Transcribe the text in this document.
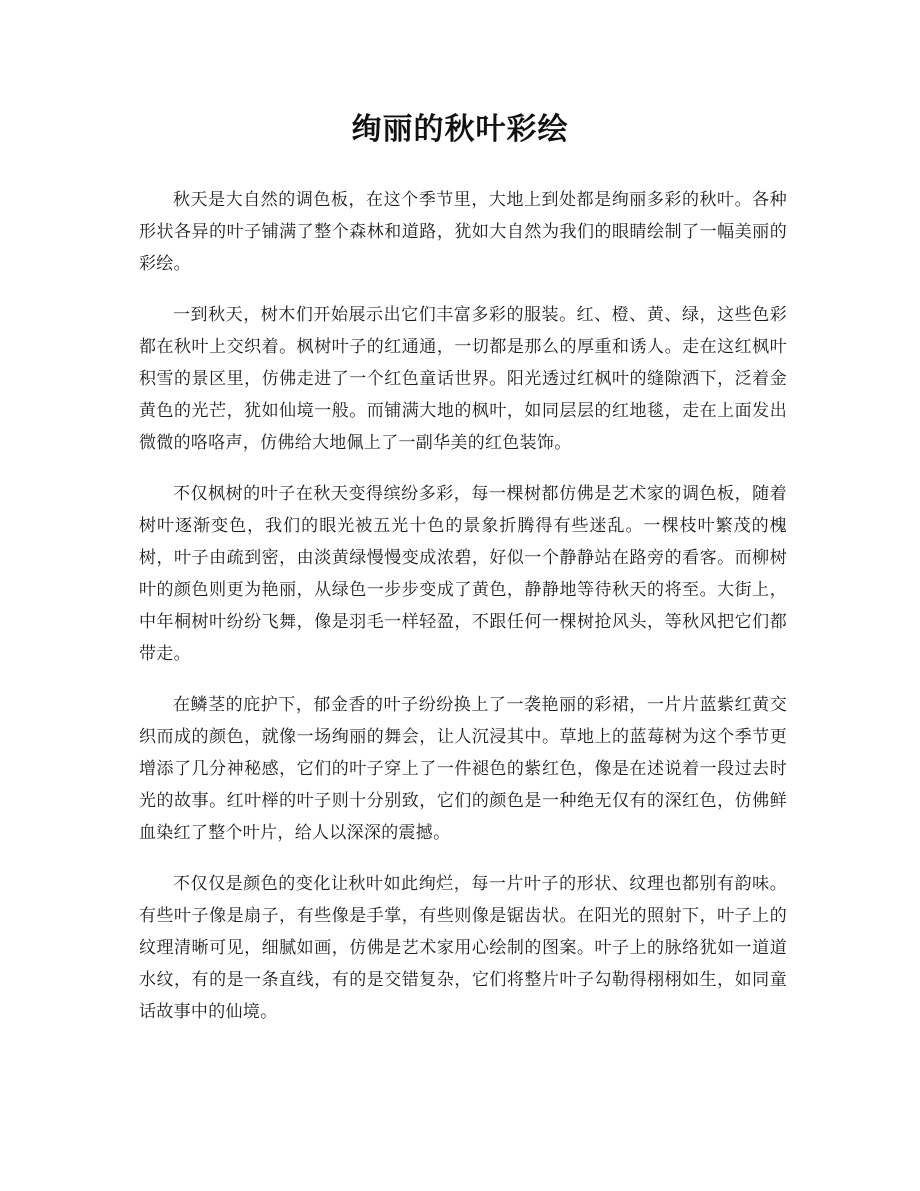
绚丽的秋叶彩绘

秋天是大自然的调色板，在这个季节里，大地上到处都是绚丽多彩的秋叶。各种形状各异的叶子铺满了整个森林和道路，犹如大自然为我们的眼睛绘制了一幅美丽的彩绘。

一到秋天，树木们开始展示出它们丰富多彩的服装。红、橙、黄、绿，这些色彩都在秋叶上交织着。枫树叶子的红通通，一切都是那么的厚重和诱人。走在这红枫叶积雪的景区里，仿佛走进了一个红色童话世界。阳光透过红枫叶的缝隙洒下，泛着金黄色的光芒，犹如仙境一般。而铺满大地的枫叶，如同层层的红地毯，走在上面发出微微的咯咯声，仿佛给大地佩上了一副华美的红色装饰。

不仅枫树的叶子在秋天变得缤纷多彩，每一棵树都仿佛是艺术家的调色板，随着树叶逐渐变色，我们的眼光被五光十色的景象折腾得有些迷乱。一棵枝叶繁茂的槐树，叶子由疏到密，由淡黄绿慢慢变成浓碧，好似一个静静站在路旁的看客。而柳树叶的颜色则更为艳丽，从绿色一步步变成了黄色，静静地等待秋天的将至。大街上，中年桐树叶纷纷飞舞，像是羽毛一样轻盈，不跟任何一棵树抢风头，等秋风把它们都带走。

在鳞茎的庇护下，郁金香的叶子纷纷换上了一袭艳丽的彩裙，一片片蓝紫红黄交织而成的颜色，就像一场绚丽的舞会，让人沉浸其中。草地上的蓝莓树为这个季节更增添了几分神秘感，它们的叶子穿上了一件褪色的紫红色，像是在述说着一段过去时光的故事。红叶榉的叶子则十分别致，它们的颜色是一种绝无仅有的深红色，仿佛鲜血染红了整个叶片，给人以深深的震撼。

不仅仅是颜色的变化让秋叶如此绚烂，每一片叶子的形状、纹理也都别有韵味。有些叶子像是扇子，有些像是手掌，有些则像是锯齿状。在阳光的照射下，叶子上的纹理清晰可见，细腻如画，仿佛是艺术家用心绘制的图案。叶子上的脉络犹如一道道水纹，有的是一条直线，有的是交错复杂，它们将整片叶子勾勒得栩栩如生，如同童话故事中的仙境。
